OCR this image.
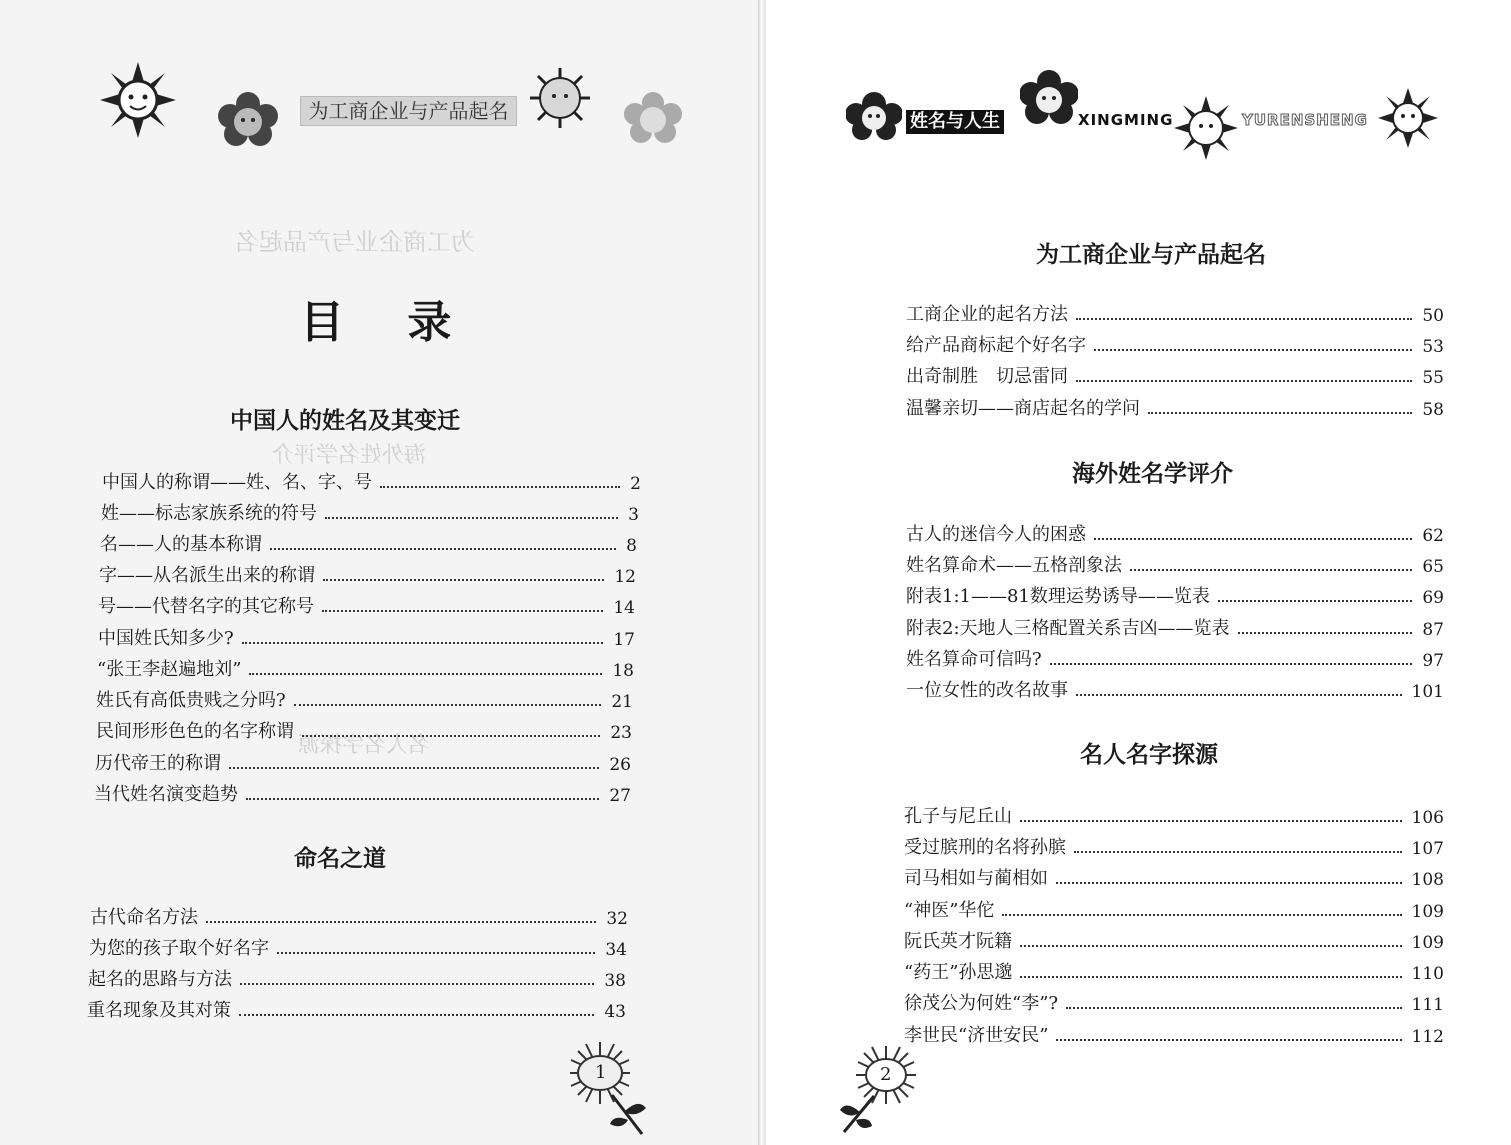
为工商企业与产品起名
为工商企业与产品起名
海外姓名学评介
名人名字探源
目 录
中国人的姓名及其变迁
中国人的称谓——姓、名、字、号	2
姓——标志家族系统的符号	3
名——人的基本称谓	8
字——从名派生出来的称谓	12
号——代替名字的其它称号	14
中国姓氏知多少?	17
“张王李赵遍地刘”	18
姓氏有高低贵贱之分吗?	21
民间形形色色的名字称谓	23
历代帝王的称谓	26
当代姓名演变趋势	27
命名之道
古代命名方法	32
为您的孩子取个好名字	34
起名的思路与方法	38
重名现象及其对策	43
1
姓名与人生	XINGMING	YURENSHENG
为工商企业与产品起名
工商企业的起名方法	50
给产品商标起个好名字	53
出奇制胜　切忌雷同	55
温馨亲切——商店起名的学问	58
海外姓名学评介
古人的迷信今人的困惑	62
姓名算命术——五格剖象法	65
附表1:1——81数理运势诱导——览表	69
附表2:天地人三格配置关系吉凶——览表	87
姓名算命可信吗?	97
一位女性的改名故事	101
名人名字探源
孔子与尼丘山	106
受过膑刑的名将孙膑	107
司马相如与蔺相如	108
“神医”华佗	109
阮氏英才阮籍	109
“药王”孙思邈	110
徐茂公为何姓“李”?	111
李世民“济世安民”	112
2
